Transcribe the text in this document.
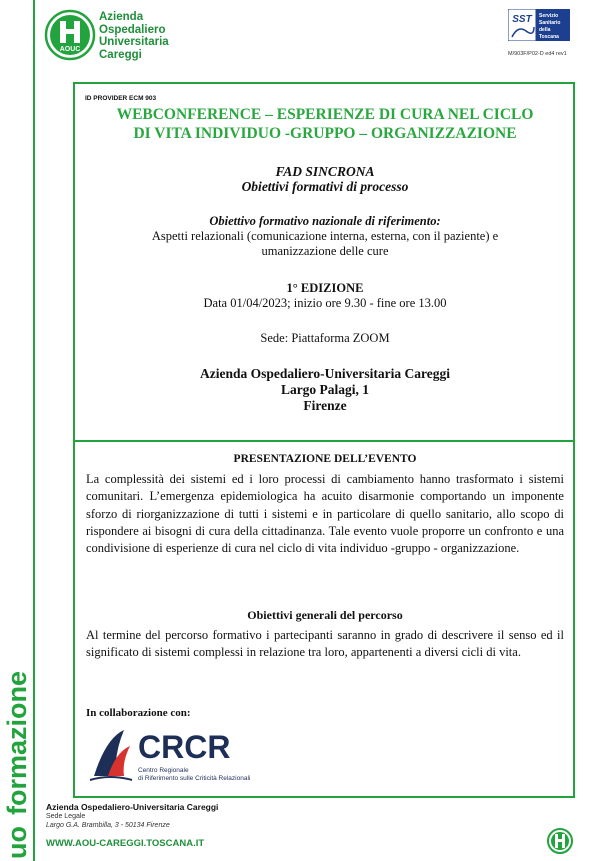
formazione
uo
AOUC
Azienda
Ospedaliero
Universitaria
Careggi
SST Servizio
Sanitario
della
Toscana
M/903F/P02-D ed4 rev1
ID PROVIDER ECM 903
WEBCONFERENCE – ESPERIENZE DI CURA NEL CICLO
DI VITA INDIVIDUO -GRUPPO – ORGANIZZAZIONE
FAD SINCRONA
Obiettivi formativi di processo
Obiettivo formativo nazionale di riferimento:
Aspetti relazionali (comunicazione interna, esterna, con il paziente) e
umanizzazione delle cure
1° EDIZIONE
Data 01/04/2023; inizio ore 9.30 - fine ore 13.00
Sede: Piattaforma ZOOM
Azienda Ospedaliero-Universitaria Careggi
Largo Palagi, 1
Firenze
PRESENTAZIONE DELL’EVENTO
La complessità dei sistemi ed i loro processi di cambiamento hanno trasformato i sistemi comunitari. L’emergenza epidemiologica ha acuito disarmonie comportando un imponente sforzo di riorganizzazione di tutti i sistemi e in particolare di quello sanitario, allo scopo di rispondere ai bisogni di cura della cittadinanza. Tale evento vuole proporre un confronto e una condivisione di esperienze di cura nel ciclo di vita individuo -gruppo - organizzazione.
Obiettivi generali del percorso
Al termine del percorso formativo i partecipanti saranno in grado di descrivere il senso ed il significato di sistemi complessi in relazione tra loro, appartenenti a diversi cicli di vita.
In collaborazione con:
CRCR
Centro Regionale
di Riferimento sulle Criticità Relazionali
Azienda Ospedaliero-Universitaria Careggi
Sede Legale
Largo G.A. Brambilla, 3 - 50134 Firenze
WWW.AOU-CAREGGI.TOSCANA.IT
